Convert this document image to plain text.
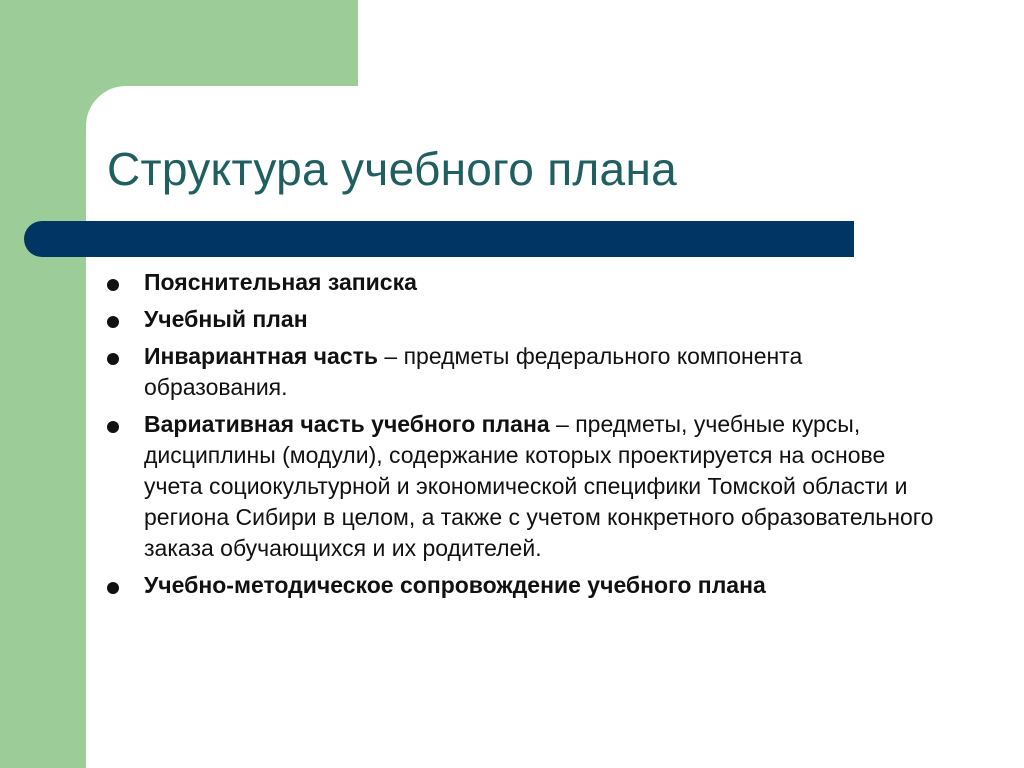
Структура учебного плана
Пояснительная записка
Учебный план
Инвариантная часть – предметы федерального компонента образования.
Вариативная часть учебного плана – предметы, учебные курсы, дисциплины (модули), содержание которых проектируется на основе учета социокультурной и экономической специфики Томской области и региона Сибири в целом, а также с учетом конкретного образовательного заказа обучающихся и их родителей.
Учебно-методическое сопровождение учебного плана
